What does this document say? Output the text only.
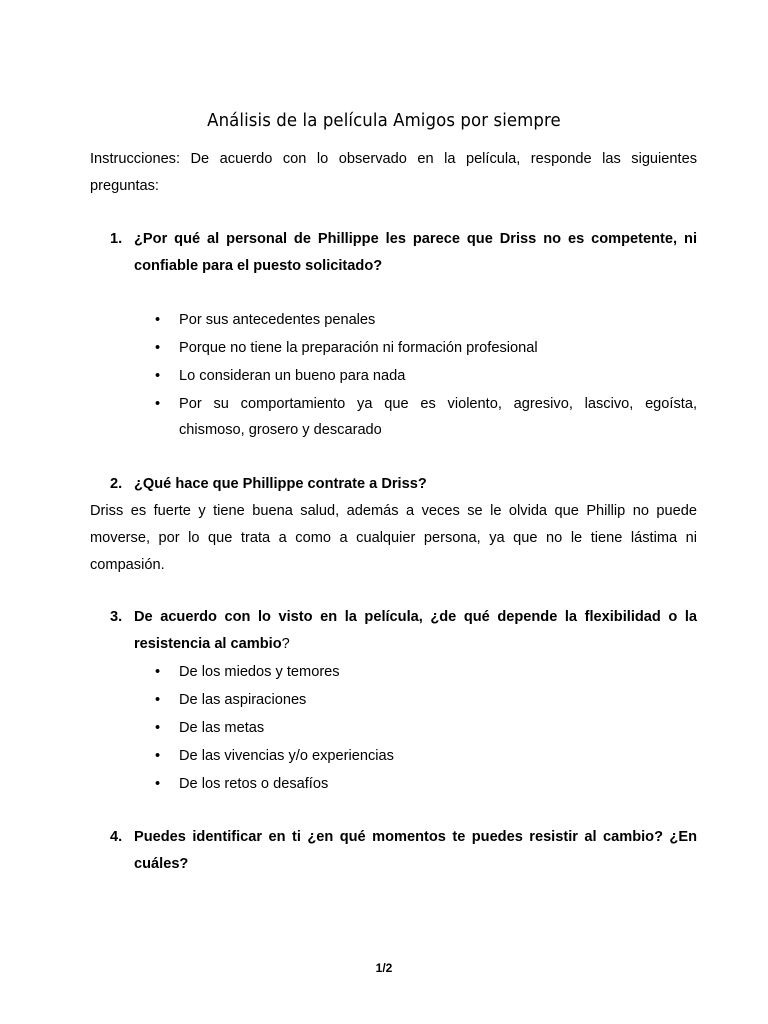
Análisis de la película Amigos por siempre
Instrucciones: De acuerdo con lo observado en la película, responde las siguientes preguntas:
1. ¿Por qué al personal de Phillippe les parece que Driss no es competente, ni confiable para el puesto solicitado?
• Por sus antecedentes penales
• Porque no tiene la preparación ni formación profesional
• Lo consideran un bueno para nada
• Por su comportamiento ya que es violento, agresivo, lascivo, egoísta, chismoso, grosero y descarado
2. ¿Qué hace que Phillippe contrate a Driss?
Driss es fuerte y tiene buena salud, además a veces se le olvida que Phillip no puede moverse, por lo que trata a como a cualquier persona, ya que no le tiene lástima ni compasión.
3. De acuerdo con lo visto en la película, ¿de qué depende la flexibilidad o la resistencia al cambio?
• De los miedos y temores
• De las aspiraciones
• De las metas
• De las vivencias y/o experiencias
• De los retos o desafíos
4. Puedes identificar en ti ¿en qué momentos te puedes resistir al cambio? ¿En cuáles?
1/2
